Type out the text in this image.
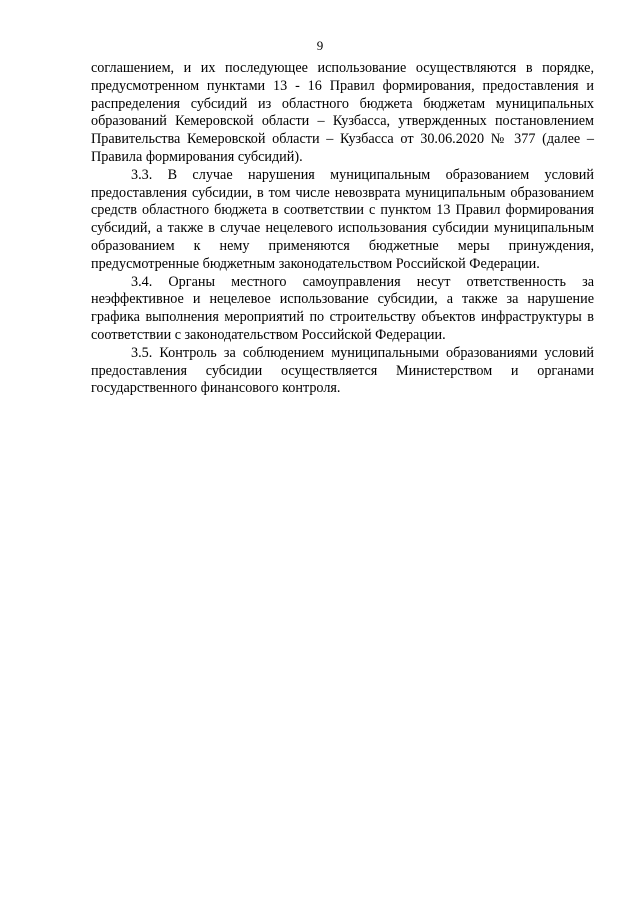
9

соглашением, и их последующее использование осуществляются в порядке, предусмотренном пунктами 13 - 16 Правил формирования, предоставления и распределения субсидий из областного бюджета бюджетам муниципальных образований Кемеровской области – Кузбасса, утвержденных постановлением Правительства Кемеровской области – Кузбасса от 30.06.2020 № 377 (далее – Правила формирования субсидий).

3.3. В случае нарушения муниципальным образованием условий предоставления субсидии, в том числе невозврата муниципальным образованием средств областного бюджета в соответствии с пунктом 13 Правил формирования субсидий, а также в случае нецелевого использования субсидии муниципальным образованием к нему применяются бюджетные меры принуждения, предусмотренные бюджетным законодательством Российской Федерации.

3.4. Органы местного самоуправления несут ответственность за неэффективное и нецелевое использование субсидии, а также за нарушение графика выполнения мероприятий по строительству объектов инфраструктуры в соответствии с законодательством Российской Федерации.

3.5. Контроль за соблюдением муниципальными образованиями условий предоставления субсидии осуществляется Министерством и органами государственного финансового контроля.
